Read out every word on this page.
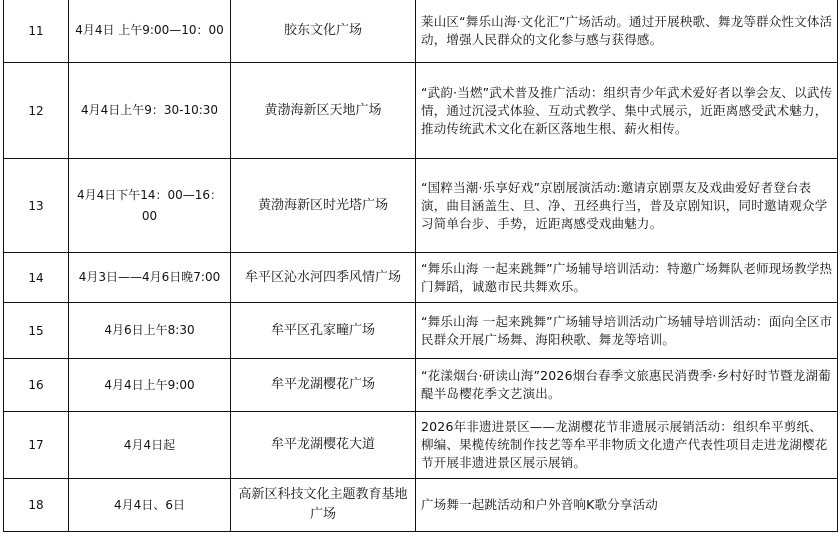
11	4月4日 上午9:00—10：00	胶东文化广场	莱山区“舞乐山海·文化汇”广场活动。通过开展秧歌、舞龙等群众性文体活动，增强人民群众的文化参与感与获得感。
12	4月4日上午9：30-10:30	黄渤海新区天地广场	“武韵·当燃”武术普及推广活动：组织青少年武术爱好者以拳会友、以武传情，通过沉浸式体验、互动式教学、集中式展示，近距离感受武术魅力，推动传统武术文化在新区落地生根、薪火相传。
13	4月4日下午14：00—16：00	黄渤海新区时光塔广场	“国粹当潮·乐享好戏”京剧展演活动:邀请京剧票友及戏曲爱好者登台表演，曲目涵盖生、旦、净、丑经典行当，普及京剧知识，同时邀请观众学习简单台步、手势，近距离感受戏曲魅力。
14	4月3日——4月6日晚7:00	牟平区沁水河四季风情广场	“舞乐山海 一起来跳舞”广场辅导培训活动：特邀广场舞队老师现场教学热门舞蹈，诚邀市民共舞欢乐。
15	4月6日上午8:30	牟平区孔家疃广场	“舞乐山海 一起来跳舞”广场辅导培训活动广场辅导培训活动：面向全区市民群众开展广场舞、海阳秧歌、舞龙等培训。
16	4月4日上午9:00	牟平龙湖樱花广场	“花漾烟台·研读山海”2026烟台春季文旅惠民消费季·乡村好时节暨龙湖葡醍半岛樱花季文艺演出。
17	4月4日起	牟平龙湖樱花大道	2026年非遗进景区——龙湖樱花节非遗展示展销活动：组织牟平剪纸、柳编、果榄传统制作技艺等牟平非物质文化遗产代表性项目走进龙湖樱花节开展非遗进景区展示展销。
18	4月4日、6日	高新区科技文化主题教育基地广场	广场舞一起跳活动和户外音响K歌分享活动
